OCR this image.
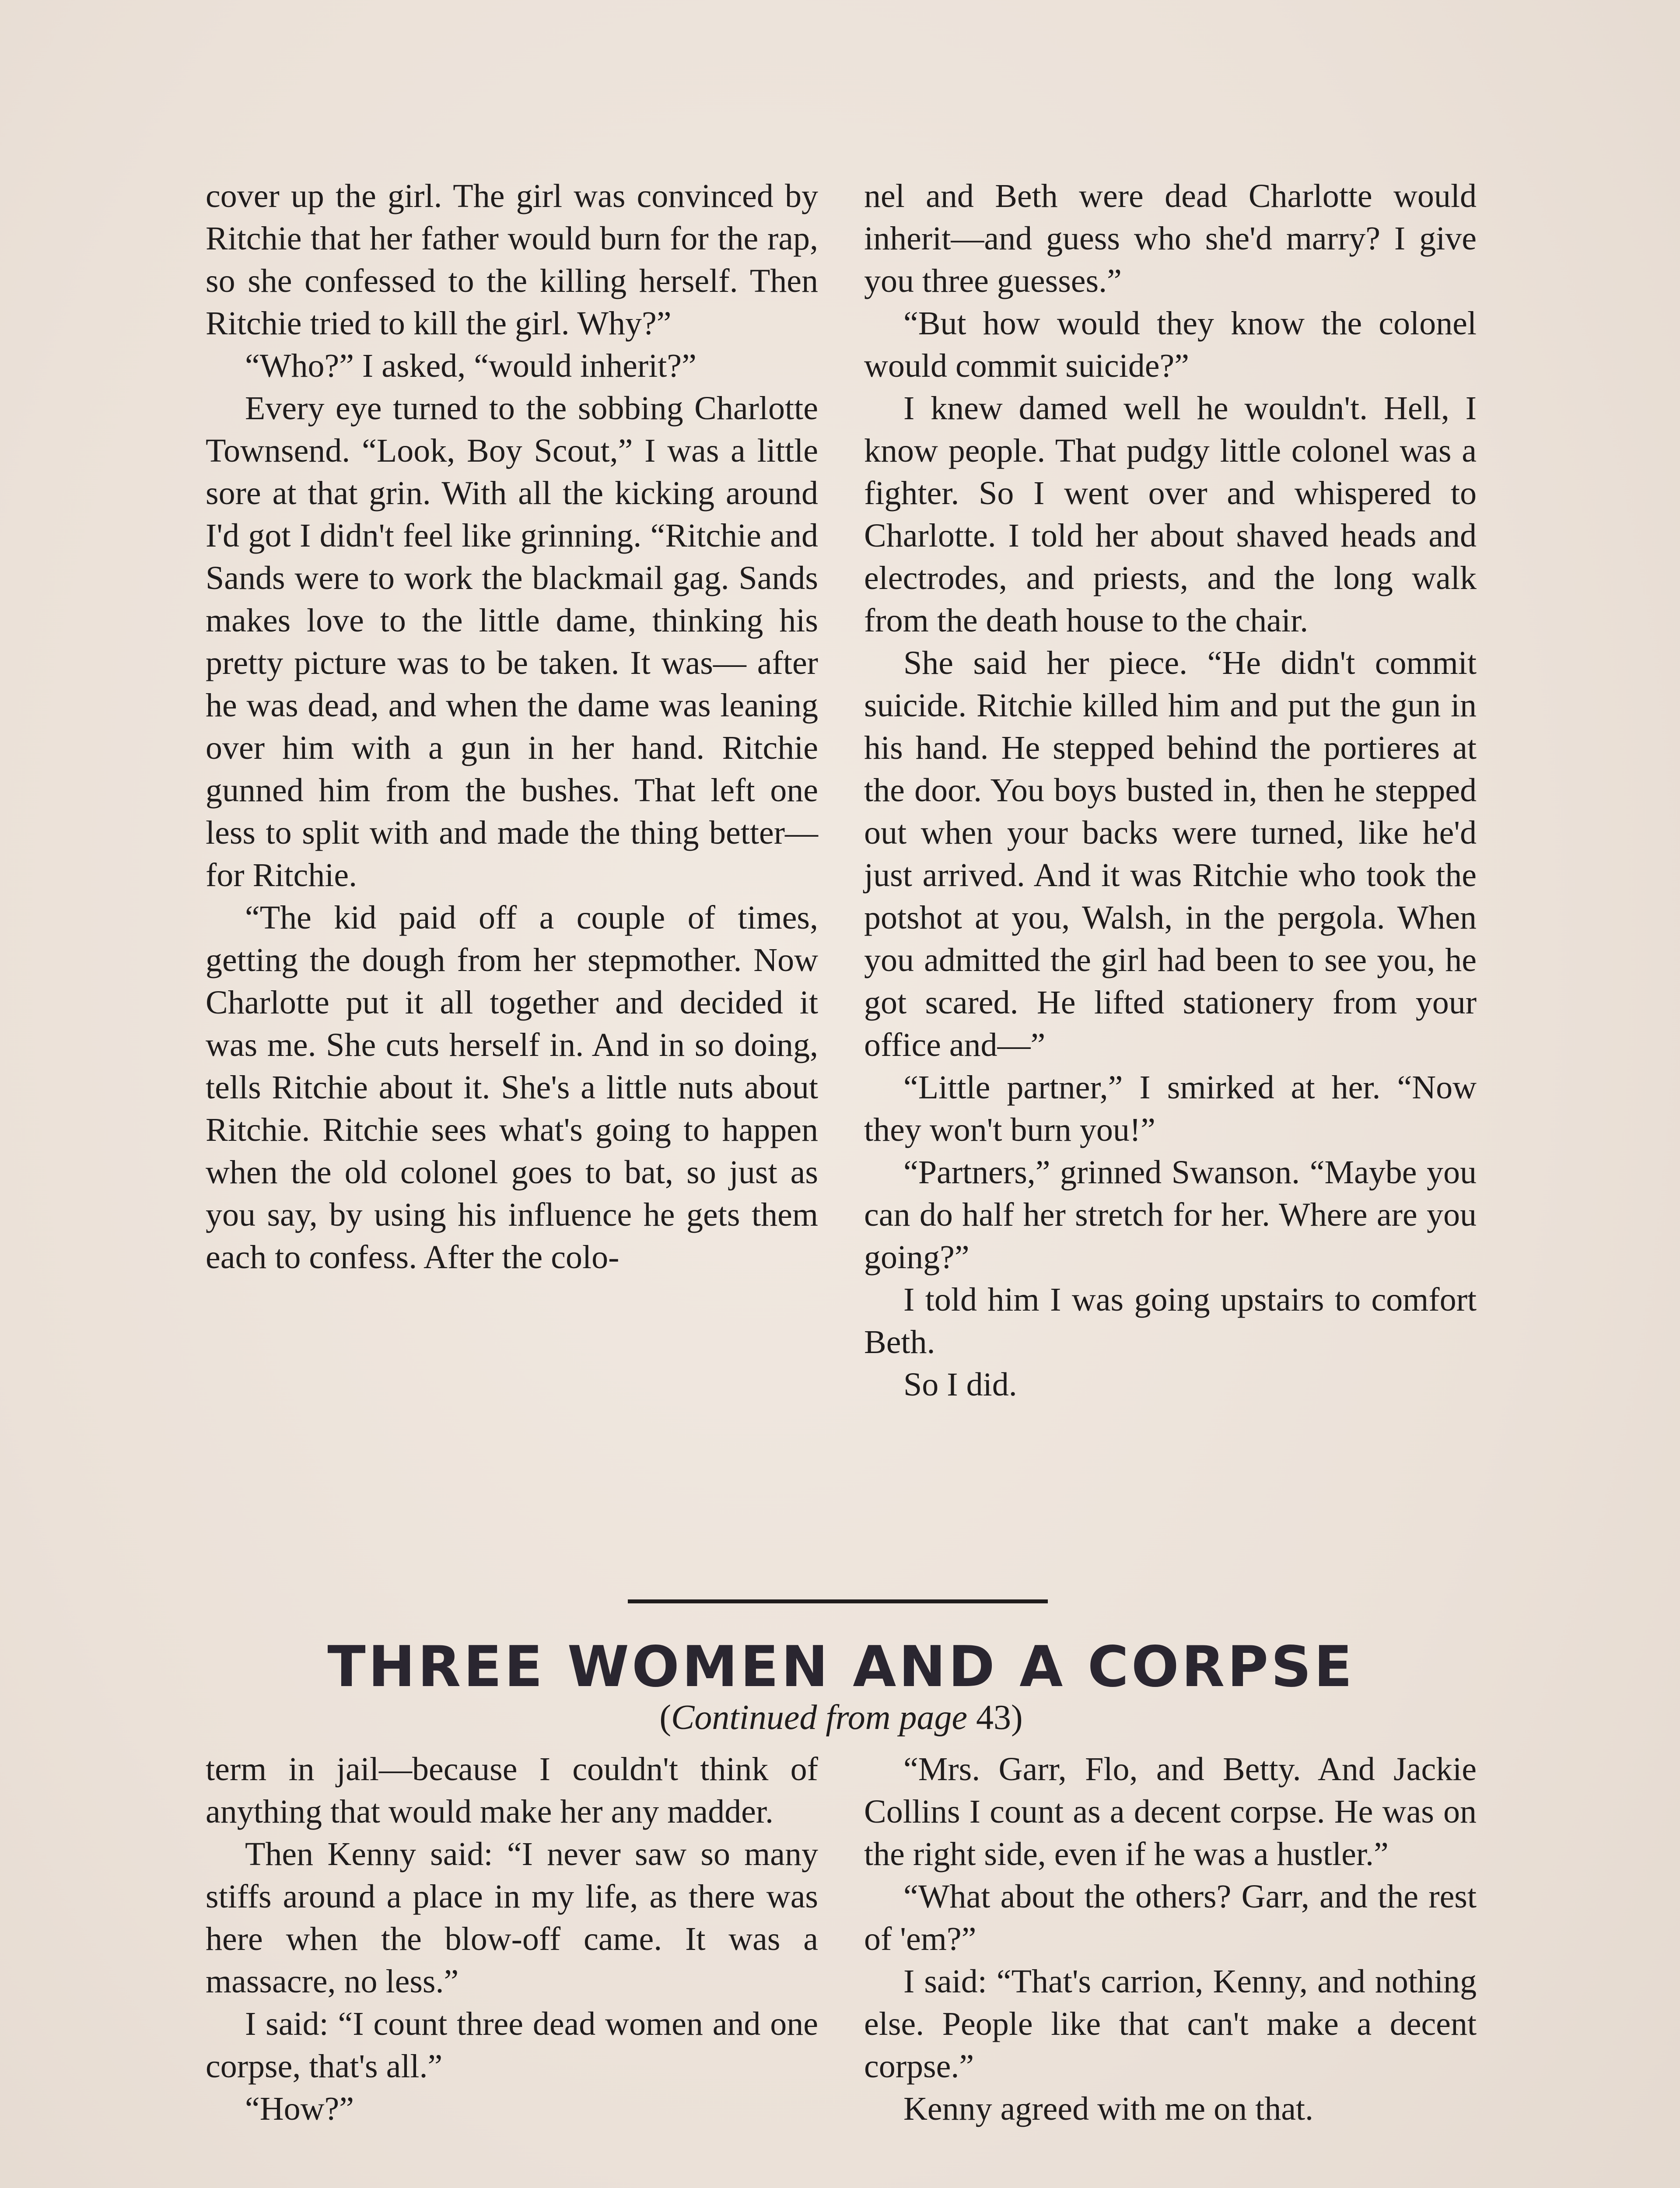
cover up the girl. The girl was convinced by Ritchie that her father would burn for the rap, so she confessed to the killing herself. Then Ritchie tried to kill the girl. Why?”

“Who?” I asked, “would inherit?”

Every eye turned to the sobbing Charlotte Townsend. “Look, Boy Scout,” I was a little sore at that grin. With all the kicking around I'd got I didn't feel like grinning. “Ritchie and Sands were to work the blackmail gag. Sands makes love to the little dame, thinking his pretty picture was to be taken. It was— after he was dead, and when the dame was leaning over him with a gun in her hand. Ritchie gunned him from the bushes. That left one less to split with and made the thing better—for Ritchie.

“The kid paid off a couple of times, getting the dough from her stepmother. Now Charlotte put it all together and decided it was me. She cuts herself in. And in so doing, tells Ritchie about it. She's a little nuts about Ritchie. Ritchie sees what's going to happen when the old colonel goes to bat, so just as you say, by using his influence he gets them each to confess. After the colo-

nel and Beth were dead Charlotte would inherit—and guess who she'd marry? I give you three guesses.”

“But how would they know the colonel would commit suicide?”

I knew damed well he wouldn't. Hell, I know people. That pudgy little colonel was a fighter. So I went over and whispered to Charlotte. I told her about shaved heads and electrodes, and priests, and the long walk from the death house to the chair.

She said her piece. “He didn't commit suicide. Ritchie killed him and put the gun in his hand. He stepped behind the portieres at the door. You boys busted in, then he stepped out when your backs were turned, like he'd just arrived. And it was Ritchie who took the potshot at you, Walsh, in the pergola. When you admitted the girl had been to see you, he got scared. He lifted stationery from your office and—”

“Little partner,” I smirked at her. “Now they won't burn you!”

“Partners,” grinned Swanson. “Maybe you can do half her stretch for her. Where are you going?”

I told him I was going upstairs to comfort Beth.

So I did.

THREE WOMEN AND A CORPSE
(Continued from page 43)

term in jail—because I couldn't think of anything that would make her any madder.

Then Kenny said: “I never saw so many stiffs around a place in my life, as there was here when the blow-off came. It was a massacre, no less.”

I said: “I count three dead women and one corpse, that's all.”

“How?”

“Mrs. Garr, Flo, and Betty. And Jackie Collins I count as a decent corpse. He was on the right side, even if he was a hustler.”

“What about the others? Garr, and the rest of 'em?”

I said: “That's carrion, Kenny, and nothing else. People like that can't make a decent corpse.”

Kenny agreed with me on that.
